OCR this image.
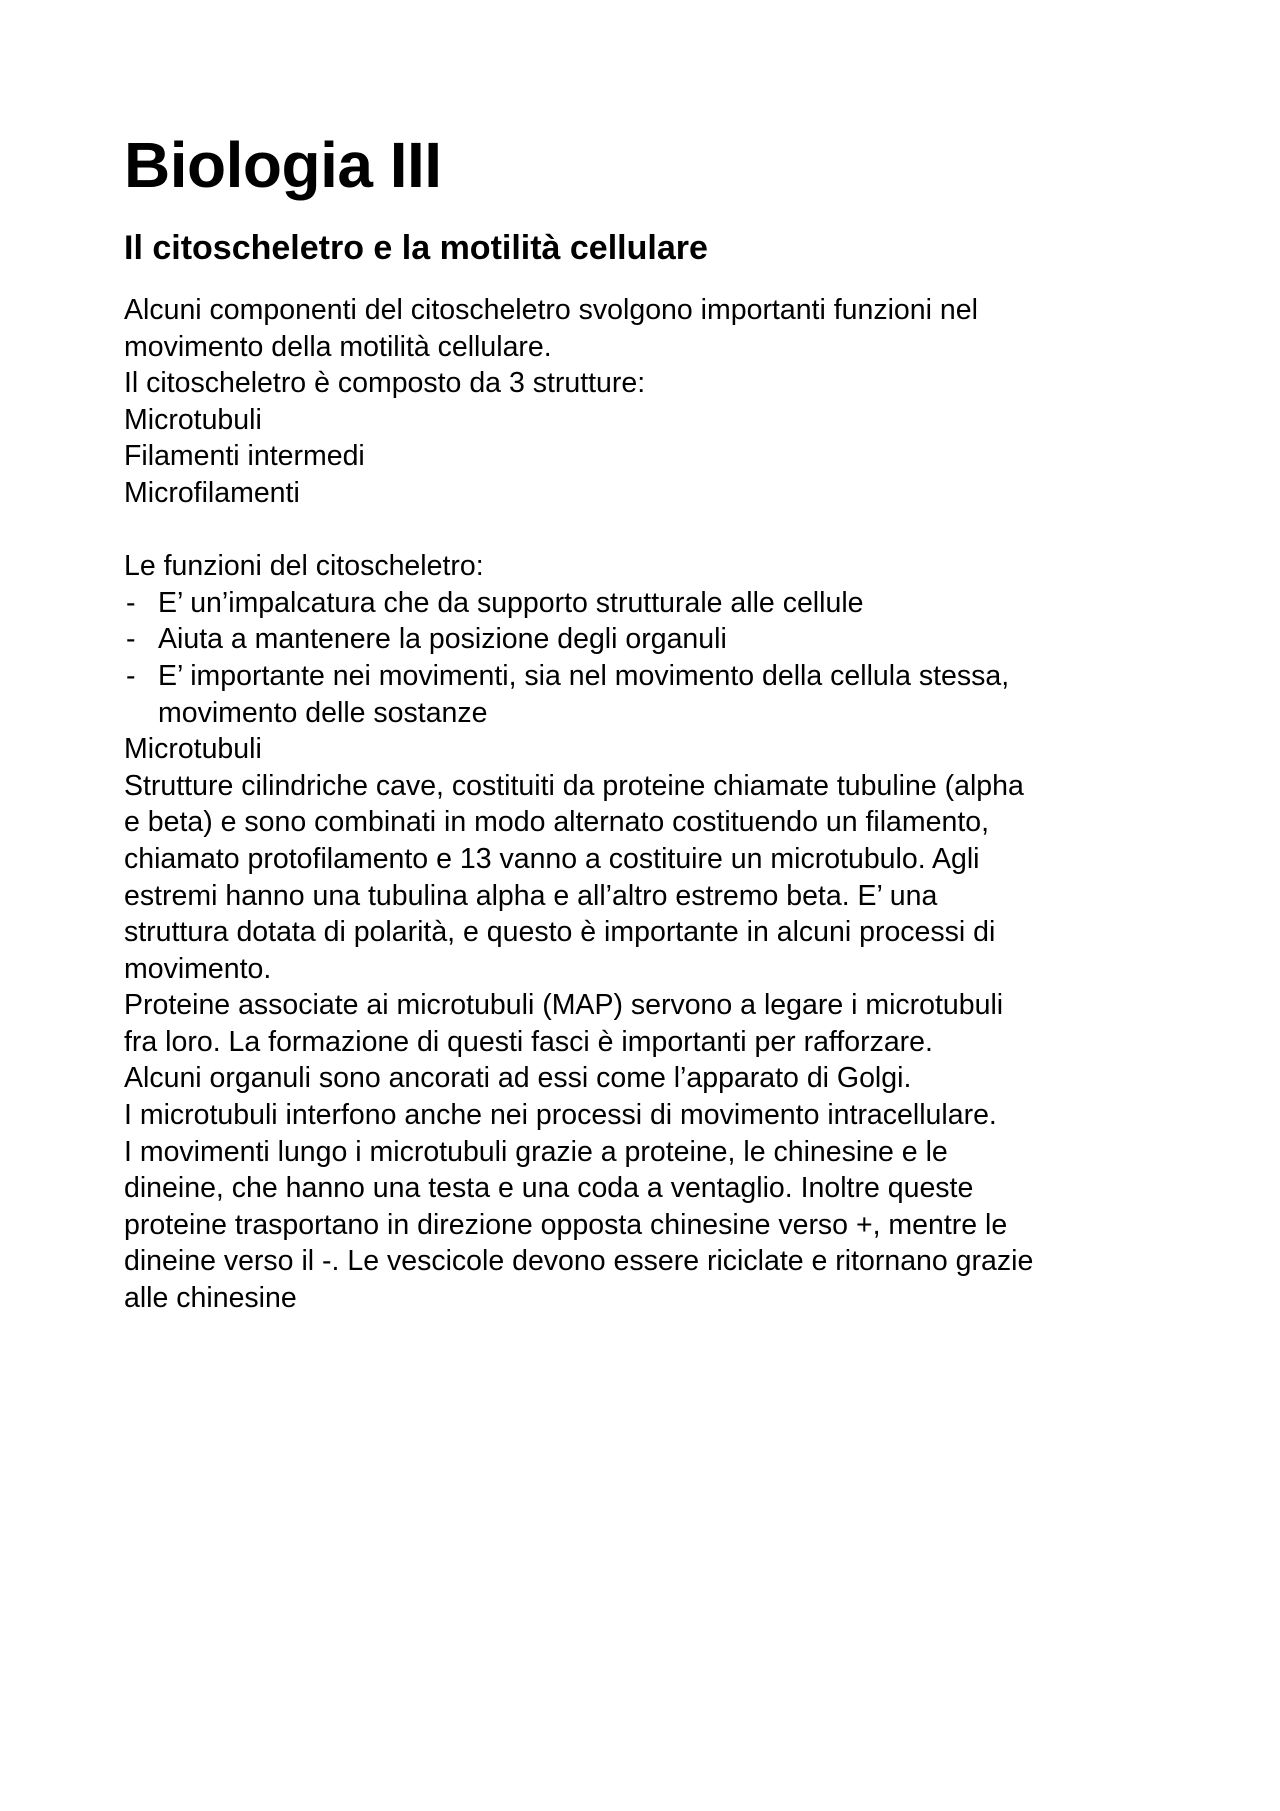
Biologia III
Il citoscheletro e la motilità cellulare
Alcuni componenti del citoscheletro svolgono importanti funzioni nel
movimento della motilità cellulare.
Il citoscheletro è composto da 3 strutture:
Microtubuli
Filamenti intermedi
Microfilamenti
Le funzioni del citoscheletro:
- E’ un’impalcatura che da supporto strutturale alle cellule
- Aiuta a mantenere la posizione degli organuli
- E’ importante nei movimenti, sia nel movimento della cellula stessa,
movimento delle sostanze
Microtubuli
Strutture cilindriche cave, costituiti da proteine chiamate tubuline (alpha
e beta) e sono combinati in modo alternato costituendo un filamento,
chiamato protofilamento e 13 vanno a costituire un microtubulo. Agli
estremi hanno una tubulina alpha e all’altro estremo beta. E’ una
struttura dotata di polarità, e questo è importante in alcuni processi di
movimento.
Proteine associate ai microtubuli (MAP) servono a legare i microtubuli
fra loro. La formazione di questi fasci è importanti per rafforzare.
Alcuni organuli sono ancorati ad essi come l’apparato di Golgi.
I microtubuli interfono anche nei processi di movimento intracellulare.
I movimenti lungo i microtubuli grazie a proteine, le chinesine e le
dineine, che hanno una testa e una coda a ventaglio. Inoltre queste
proteine trasportano in direzione opposta chinesine verso +, mentre le
dineine verso il -. Le vescicole devono essere riciclate e ritornano grazie
alle chinesine
